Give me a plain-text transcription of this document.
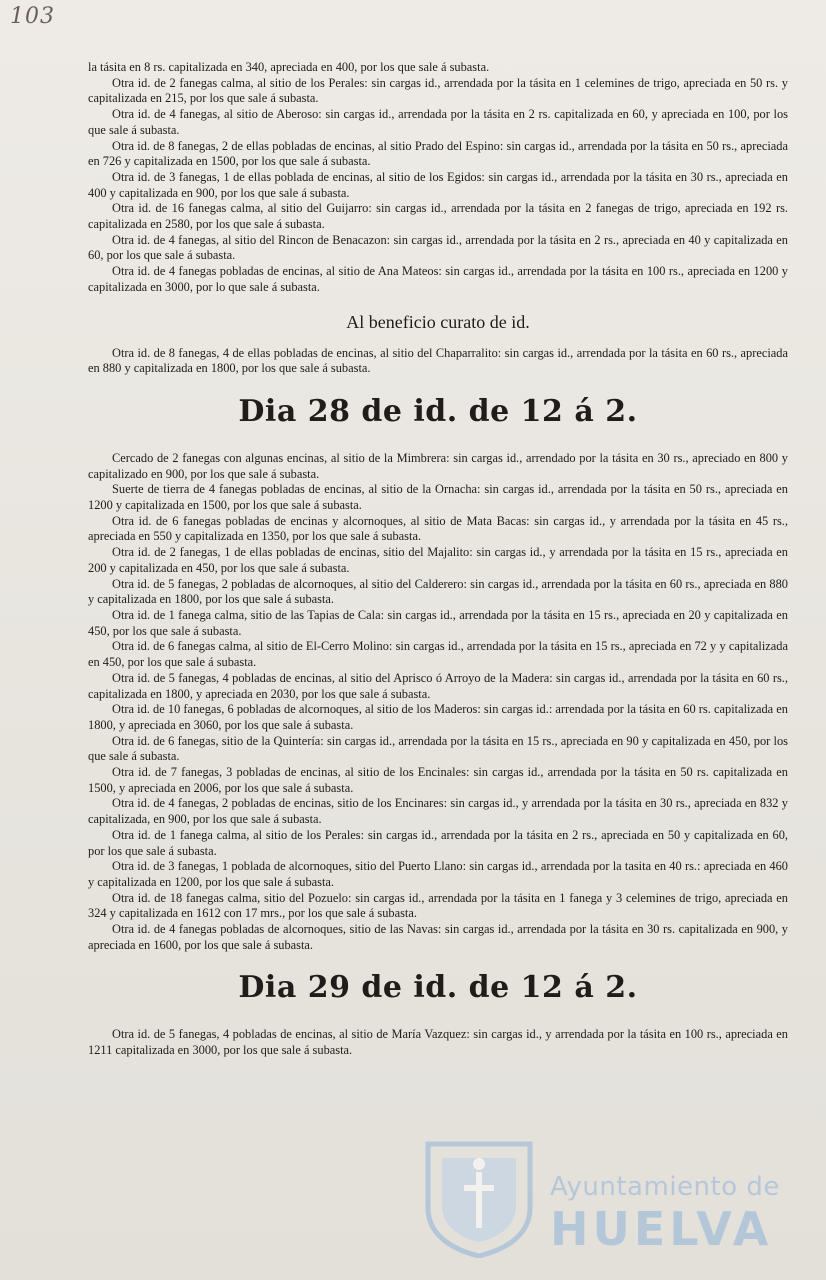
103

la tásita en 8 rs. capitalizada en 340, apreciada en 400, por los que sale á subasta.

Otra id. de 2 fanegas calma, al sitio de los Perales: sin cargas id., arrendada por la tásita en 1 celemines de trigo, apreciada en 50 rs. y capitalizada en 215, por los que sale á subasta.

Otra id. de 4 fanegas, al sitio de Aberoso: sin cargas id., arrendada por la tásita en 2 rs. capitalizada en 60, y apreciada en 100, por los que sale á subasta.

Otra id. de 8 fanegas, 2 de ellas pobladas de encinas, al sitio Prado del Espino: sin cargas id., arrendada por la tásita en 50 rs., apreciada en 726 y capitalizada en 1500, por los que sale á subasta.

Otra id. de 3 fanegas, 1 de ellas poblada de encinas, al sitio de los Egidos: sin cargas id., arrendada por la tásita en 30 rs., apreciada en 400 y capitalizada en 900, por los que sale á subasta.

Otra id. de 16 fanegas calma, al sitio del Guijarro: sin cargas id., arrendada por la tásita en 2 fanegas de trigo, apreciada en 192 rs. capitalizada en 2580, por los que sale á subasta.

Otra id. de 4 fanegas, al sitio del Rincon de Benacazon: sin cargas id., arrendada por la tásita en 2 rs., apreciada en 40 y capitalizada en 60, por los que sale á subasta.

Otra id. de 4 fanegas pobladas de encinas, al sitio de Ana Mateos: sin cargas id., arrendada por la tásita en 100 rs., apreciada en 1200 y capitalizada en 3000, por lo que sale á subasta.

Al beneficio curato de id.

Otra id. de 8 fanegas, 4 de ellas pobladas de encinas, al sitio del Chaparralito: sin cargas id., arrendada por la tásita en 60 rs., apreciada en 880 y capitalizada en 1800, por los que sale á subasta.

Dia 28 de id. de 12 á 2.

Cercado de 2 fanegas con algunas encinas, al sitio de la Mimbrera: sin cargas id., arrendado por la tásita en 30 rs., apreciado en 800 y capitalizado en 900, por los que sale á subasta.

Suerte de tierra de 4 fanegas pobladas de encinas, al sitio de la Ornacha: sin cargas id., arrendada por la tásita en 50 rs., apreciada en 1200 y capitalizada en 1500, por los que sale á subasta.

Otra id. de 6 fanegas pobladas de encinas y alcornoques, al sitio de Mata Bacas: sin cargas id., y arrendada por la tásita en 45 rs., apreciada en 550 y capitalizada en 1350, por los que sale á subasta.

Otra id. de 2 fanegas, 1 de ellas pobladas de encinas, sitio del Majalito: sin cargas id., y arrendada por la tásita en 15 rs., apreciada en 200 y capitalizada en 450, por los que sale á subasta.

Otra id. de 5 fanegas, 2 pobladas de alcornoques, al sitio del Calderero: sin cargas id., arrendada por la tásita en 60 rs., apreciada en 880 y capitalizada en 1800, por los que sale á subasta.

Otra id. de 1 fanega calma, sitio de las Tapias de Cala: sin cargas id., arrendada por la tásita en 15 rs., apreciada en 20 y capitalizada en 450, por los que sale á subasta.

Otra id. de 6 fanegas calma, al sitio de El-Cerro Molino: sin cargas id., arrendada por la tásita en 15 rs., apreciada en 72 y y capitalizada en 450, por los que sale á subasta.

Otra id. de 5 fanegas, 4 pobladas de encinas, al sitio del Aprisco ó Arroyo de la Madera: sin cargas id., arrendada por la tásita en 60 rs., capitalizada en 1800, y apreciada en 2030, por los que sale á subasta.

Otra id. de 10 fanegas, 6 pobladas de alcornoques, al sitio de los Maderos: sin cargas id.: arrendada por la tásita en 60 rs. capitalizada en 1800, y apreciada en 3060, por los que sale á subasta.

Otra id. de 6 fanegas, sitio de la Quintería: sin cargas id., arrendada por la tásita en 15 rs., apreciada en 90 y capitalizada en 450, por los que sale á subasta.

Otra id. de 7 fanegas, 3 pobladas de encinas, al sitio de los Encinales: sin cargas id., arrendada por la tásita en 50 rs. capitalizada en 1500, y apreciada en 2006, por los que sale á subasta.

Otra id. de 4 fanegas, 2 pobladas de encinas, sitio de los Encinares: sin cargas id., y arrendada por la tásita en 30 rs., apreciada en 832 y capitalizada, en 900, por los que sale á subasta.

Otra id. de 1 fanega calma, al sitio de los Perales: sin cargas id., arrendada por la tásita en 2 rs., apreciada en 50 y capitalizada en 60, por los que sale á subasta.

Otra id. de 3 fanegas, 1 poblada de alcornoques, sitio del Puerto Llano: sin cargas id., arrendada por la tasita en 40 rs.: apreciada en 460 y capitalizada en 1200, por los que sale á subasta.

Otra id. de 18 fanegas calma, sitio del Pozuelo: sin cargas id., arrendada por la tásita en 1 fanega y 3 celemines de trigo, apreciada en 324 y capitalizada en 1612 con 17 mrs., por los que sale á subasta.

Otra id. de 4 fanegas pobladas de alcornoques, sitio de las Navas: sin cargas id., arrendada por la tásita en 30 rs. capitalizada en 900, y apreciada en 1600, por los que sale á subasta.

Dia 29 de id. de 12 á 2.

Otra id. de 5 fanegas, 4 pobladas de encinas, al sitio de María Vazquez: sin cargas id., y arrendada por la tásita en 100 rs., apreciada en 1211 capitalizada en 3000, por los que sale á subasta.

Ayuntamiento de
HUELVA
